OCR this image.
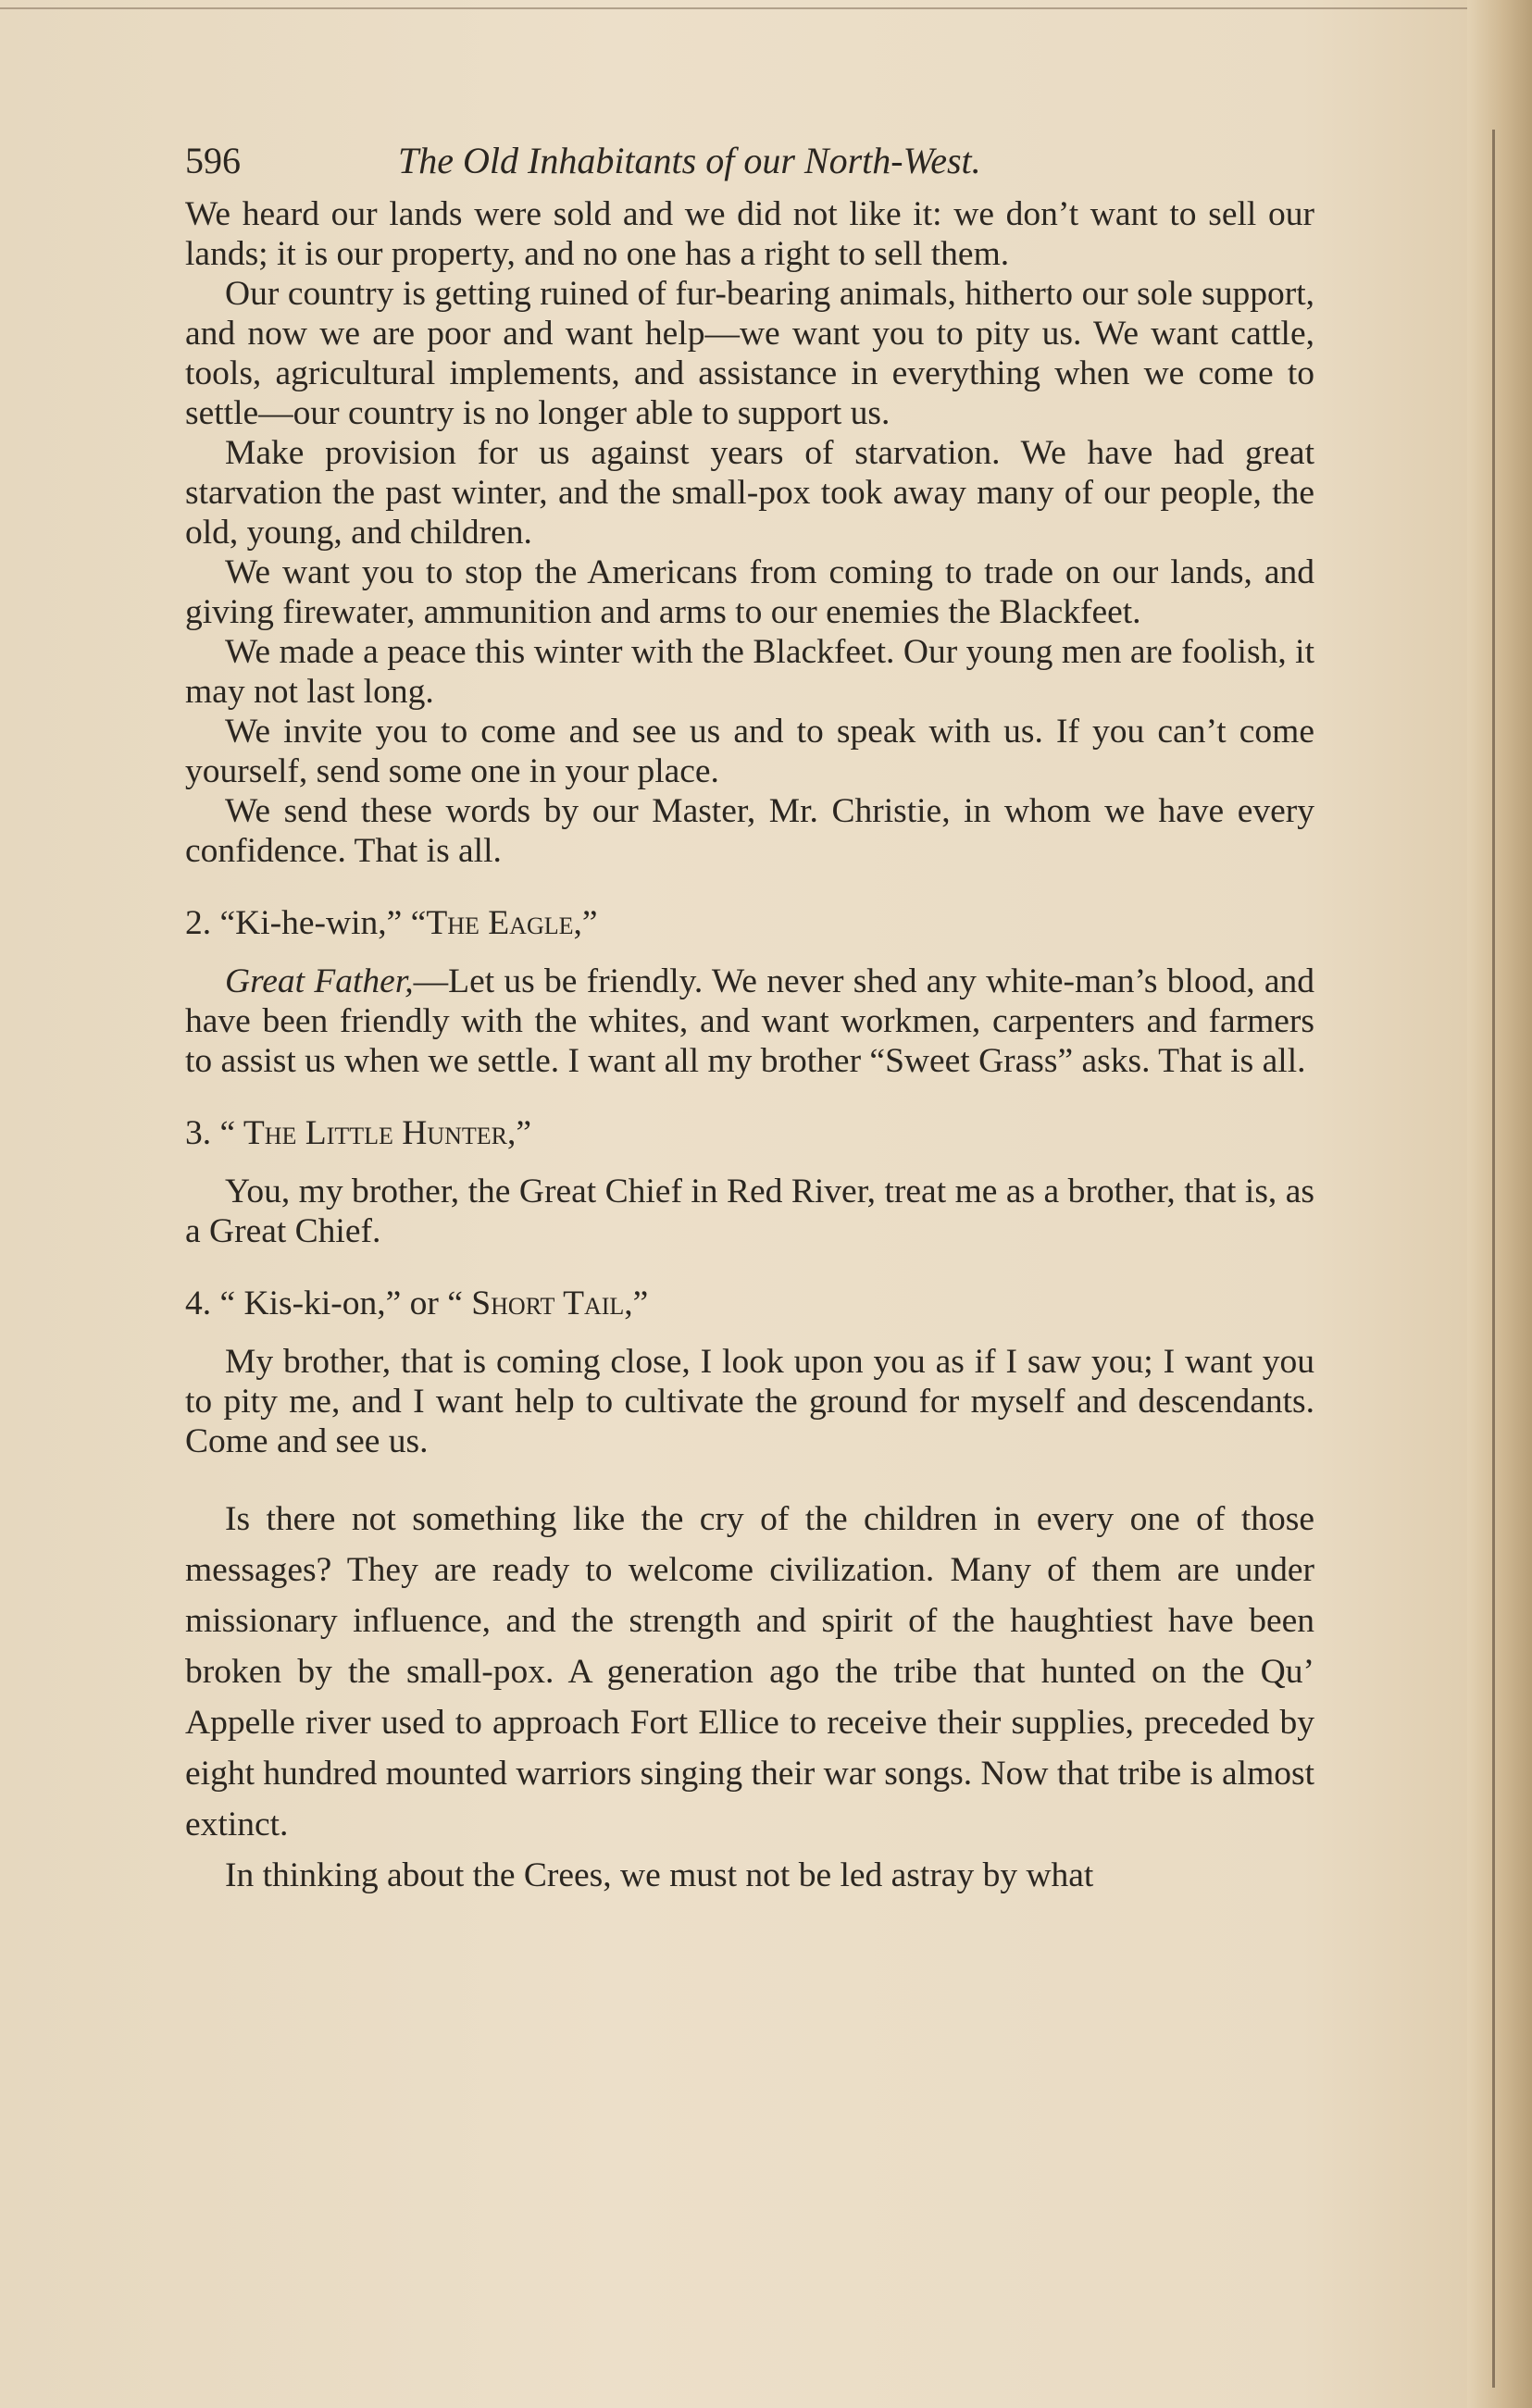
596	The Old Inhabitants of our North-West.

We heard our lands were sold and we did not like it: we don’t want to sell our lands; it is our property, and no one has a right to sell them.

Our country is getting ruined of fur-bearing animals, hitherto our sole support, and now we are poor and want help—we want you to pity us. We want cattle, tools, agricultural implements, and assistance in everything when we come to settle—our country is no longer able to support us.

Make provision for us against years of starvation. We have had great starvation the past winter, and the small-pox took away many of our people, the old, young, and children.

We want you to stop the Americans from coming to trade on our lands, and giving firewater, ammunition and arms to our enemies the Blackfeet.

We made a peace this winter with the Blackfeet. Our young men are foolish, it may not last long.

We invite you to come and see us and to speak with us. If you can’t come yourself, send some one in your place.

We send these words by our Master, Mr. Christie, in whom we have every confidence. That is all.

2. “Ki-he-win,” “The Eagle,”

Great Father,—Let us be friendly. We never shed any white-man’s blood, and have been friendly with the whites, and want workmen, carpenters and farmers to assist us when we settle. I want all my brother “Sweet Grass” asks. That is all.

3. “ The Little Hunter,”

You, my brother, the Great Chief in Red River, treat me as a brother, that is, as a Great Chief.

4. “ Kis-ki-on,” or “ Short Tail,”

My brother, that is coming close, I look upon you as if I saw you; I want you to pity me, and I want help to cultivate the ground for myself and descendants. Come and see us.

Is there not something like the cry of the children in every one of those messages? They are ready to welcome civilization. Many of them are under missionary influence, and the strength and spirit of the haughtiest have been broken by the small-pox. A generation ago the tribe that hunted on the Qu’ Appelle river used to approach Fort Ellice to receive their supplies, preceded by eight hundred mounted warriors singing their war songs. Now that tribe is almost extinct.

In thinking about the Crees, we must not be led astray by what
